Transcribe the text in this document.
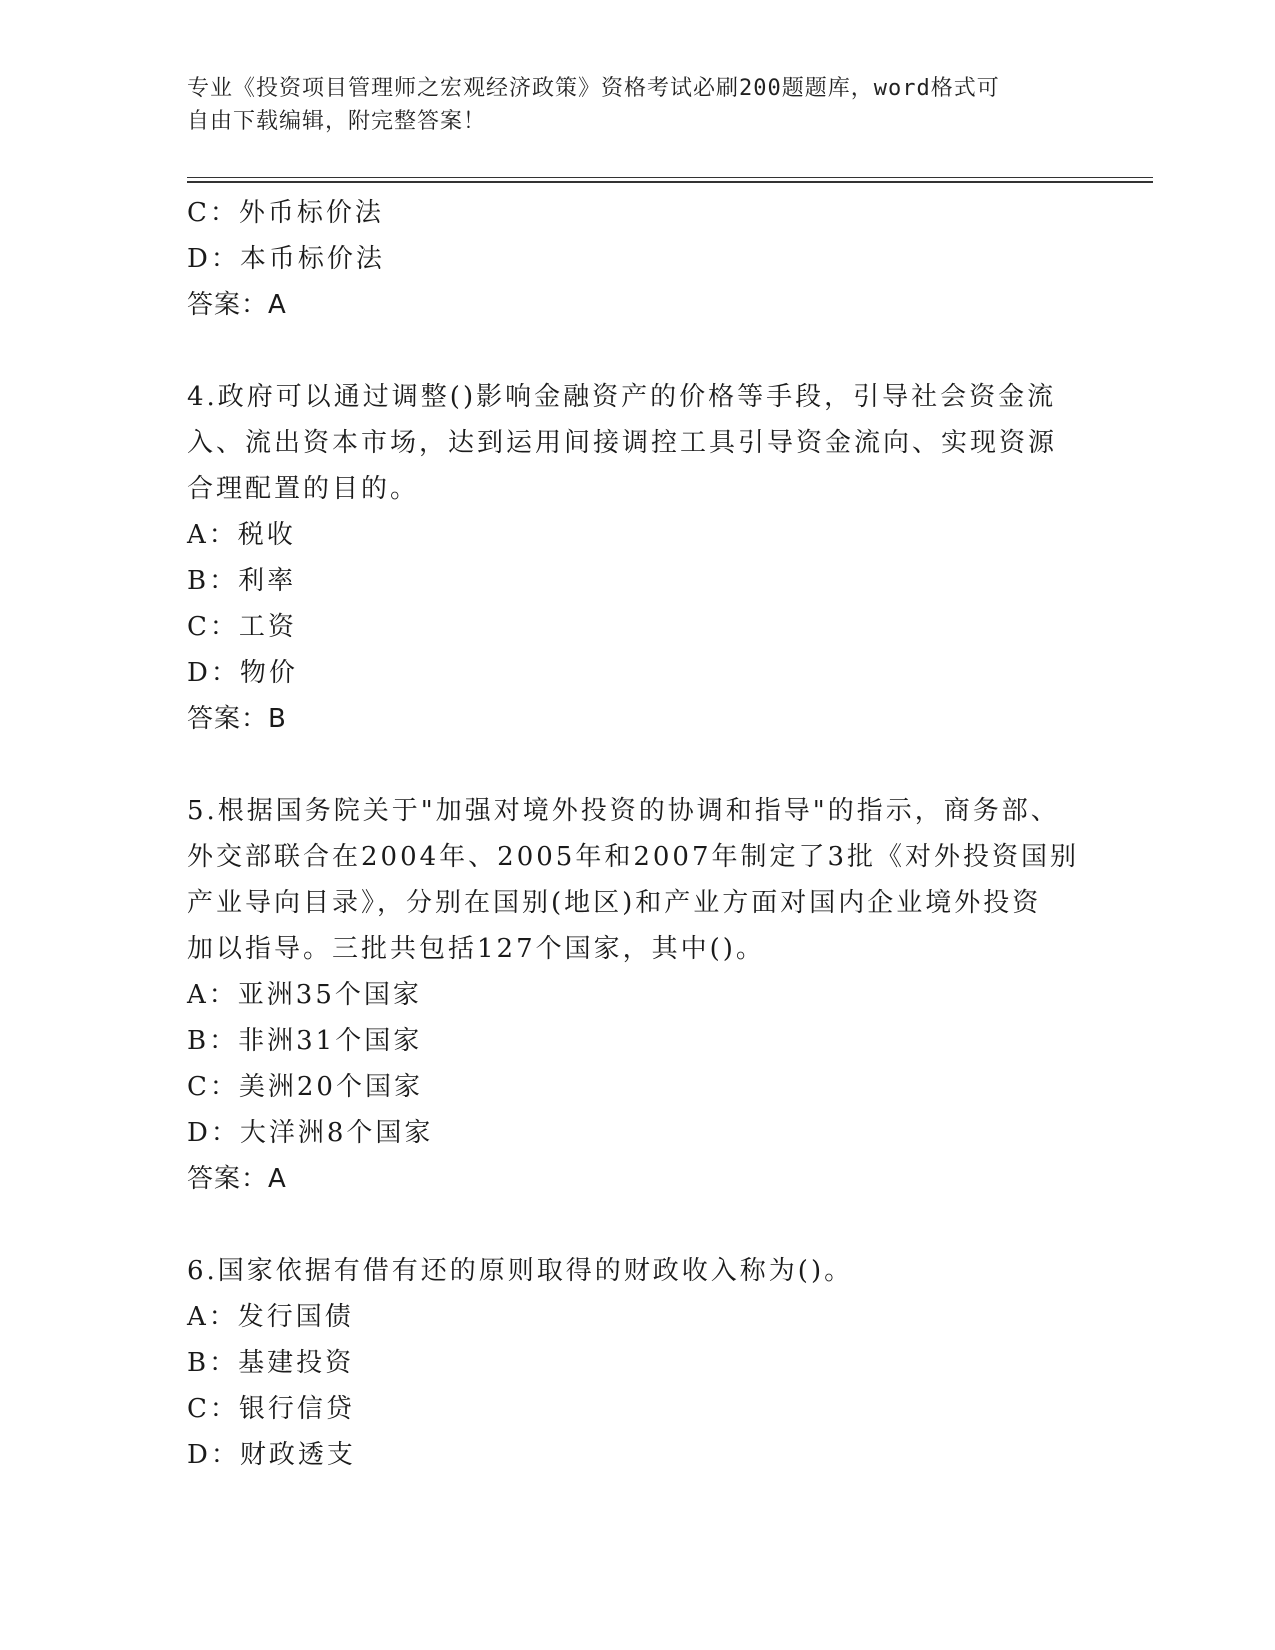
专业《投资项目管理师之宏观经济政策》资格考试必刷200题题库，word格式可
自由下载编辑，附完整答案！
C：外币标价法
D：本币标价法
答案：A
4.政府可以通过调整()影响金融资产的价格等手段，引导社会资金流
入、流出资本市场，达到运用间接调控工具引导资金流向、实现资源
合理配置的目的。
A：税收
B：利率
C：工资
D：物价
答案：B
5.根据国务院关于"加强对境外投资的协调和指导"的指示，商务部、
外交部联合在2004年、2005年和2007年制定了3批《对外投资国别
产业导向目录》，分别在国别(地区)和产业方面对国内企业境外投资
加以指导。三批共包括127个国家，其中()。
A：亚洲35个国家
B：非洲31个国家
C：美洲20个国家
D：大洋洲8个国家
答案：A
6.国家依据有借有还的原则取得的财政收入称为()。
A：发行国债
B：基建投资
C：银行信贷
D：财政透支
